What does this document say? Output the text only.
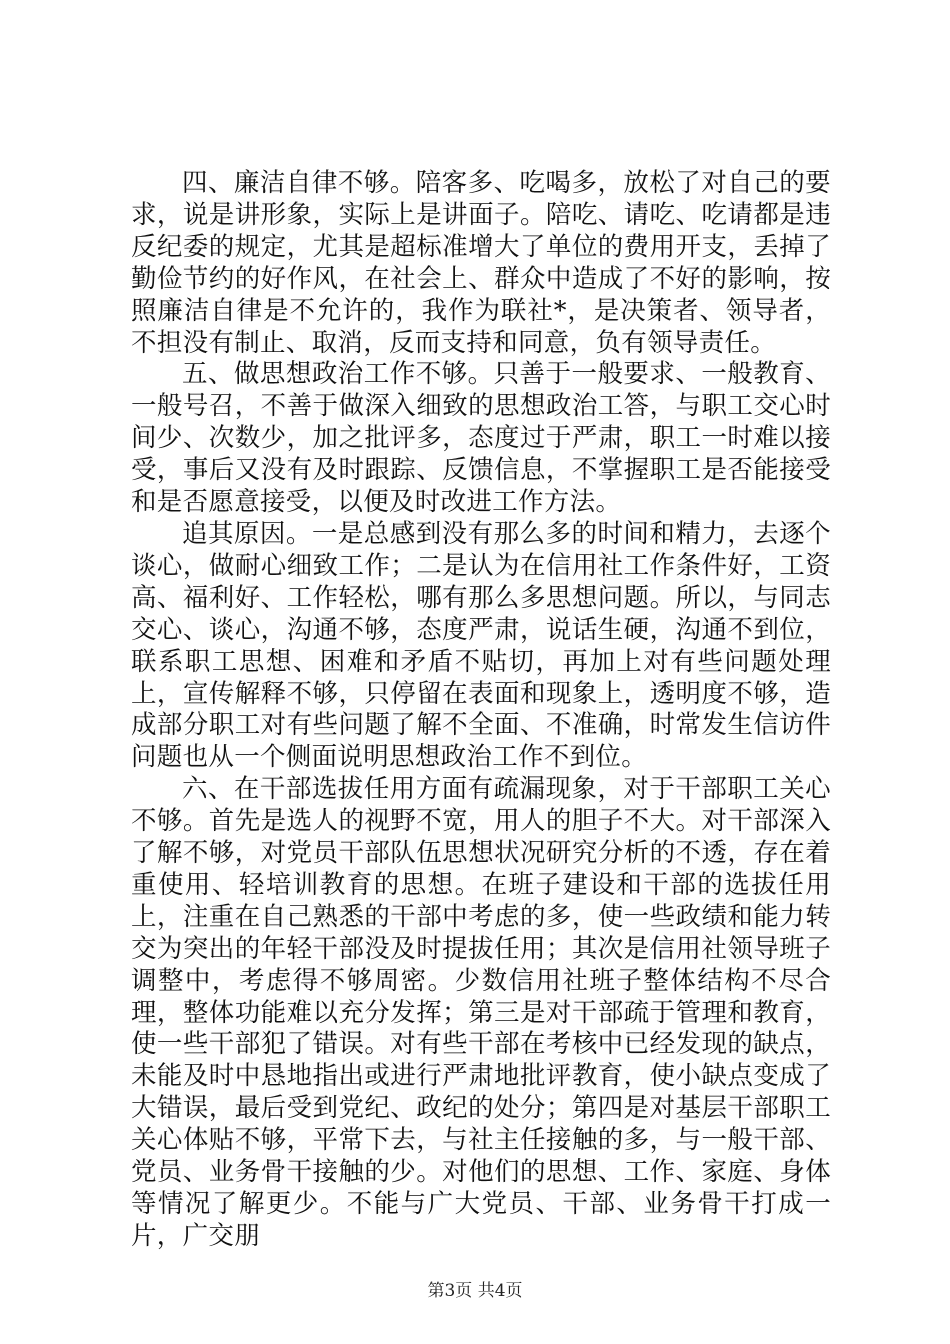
四、廉洁自律不够。陪客多、吃喝多，放松了对自己的要求，说是讲形象，实际上是讲面子。陪吃、请吃、吃请都是违反纪委的规定，尤其是超标准增大了单位的费用开支，丢掉了勤俭节约的好作风，在社会上、群众中造成了不好的影响，按照廉洁自律是不允许的，我作为联社*，是决策者、领导者，不担没有制止、取消，反而支持和同意，负有领导责任。

五、做思想政治工作不够。只善于一般要求、一般教育、一般号召，不善于做深入细致的思想政治工答，与职工交心时间少、次数少，加之批评多，态度过于严肃，职工一时难以接受，事后又没有及时跟踪、反馈信息，不掌握职工是否能接受和是否愿意接受，以便及时改进工作方法。

追其原因。一是总感到没有那么多的时间和精力，去逐个谈心，做耐心细致工作；二是认为在信用社工作条件好，工资高、福利好、工作轻松，哪有那么多思想问题。所以，与同志交心、谈心，沟通不够，态度严肃，说话生硬，沟通不到位，联系职工思想、困难和矛盾不贴切，再加上对有些问题处理上，宣传解释不够，只停留在表面和现象上，透明度不够，造成部分职工对有些问题了解不全面、不准确，时常发生信访件问题也从一个侧面说明思想政治工作不到位。

六、在干部选拔任用方面有疏漏现象，对于干部职工关心不够。首先是选人的视野不宽，用人的胆子不大。对干部深入了解不够，对党员干部队伍思想状况研究分析的不透，存在着重使用、轻培训教育的思想。在班子建设和干部的选拔任用上，注重在自己熟悉的干部中考虑的多，使一些政绩和能力转交为突出的年轻干部没及时提拔任用；其次是信用社领导班子调整中，考虑得不够周密。少数信用社班子整体结构不尽合理，整体功能难以充分发挥；第三是对干部疏于管理和教育，使一些干部犯了错误。对有些干部在考核中已经发现的缺点，未能及时中恳地指出或进行严肃地批评教育，使小缺点变成了大错误，最后受到党纪、政纪的处分；第四是对基层干部职工关心体贴不够，平常下去，与社主任接触的多，与一般干部、党员、业务骨干接触的少。对他们的思想、工作、家庭、身体等情况了解更少。不能与广大党员、干部、业务骨干打成一片，广交朋

第3页 共4页
